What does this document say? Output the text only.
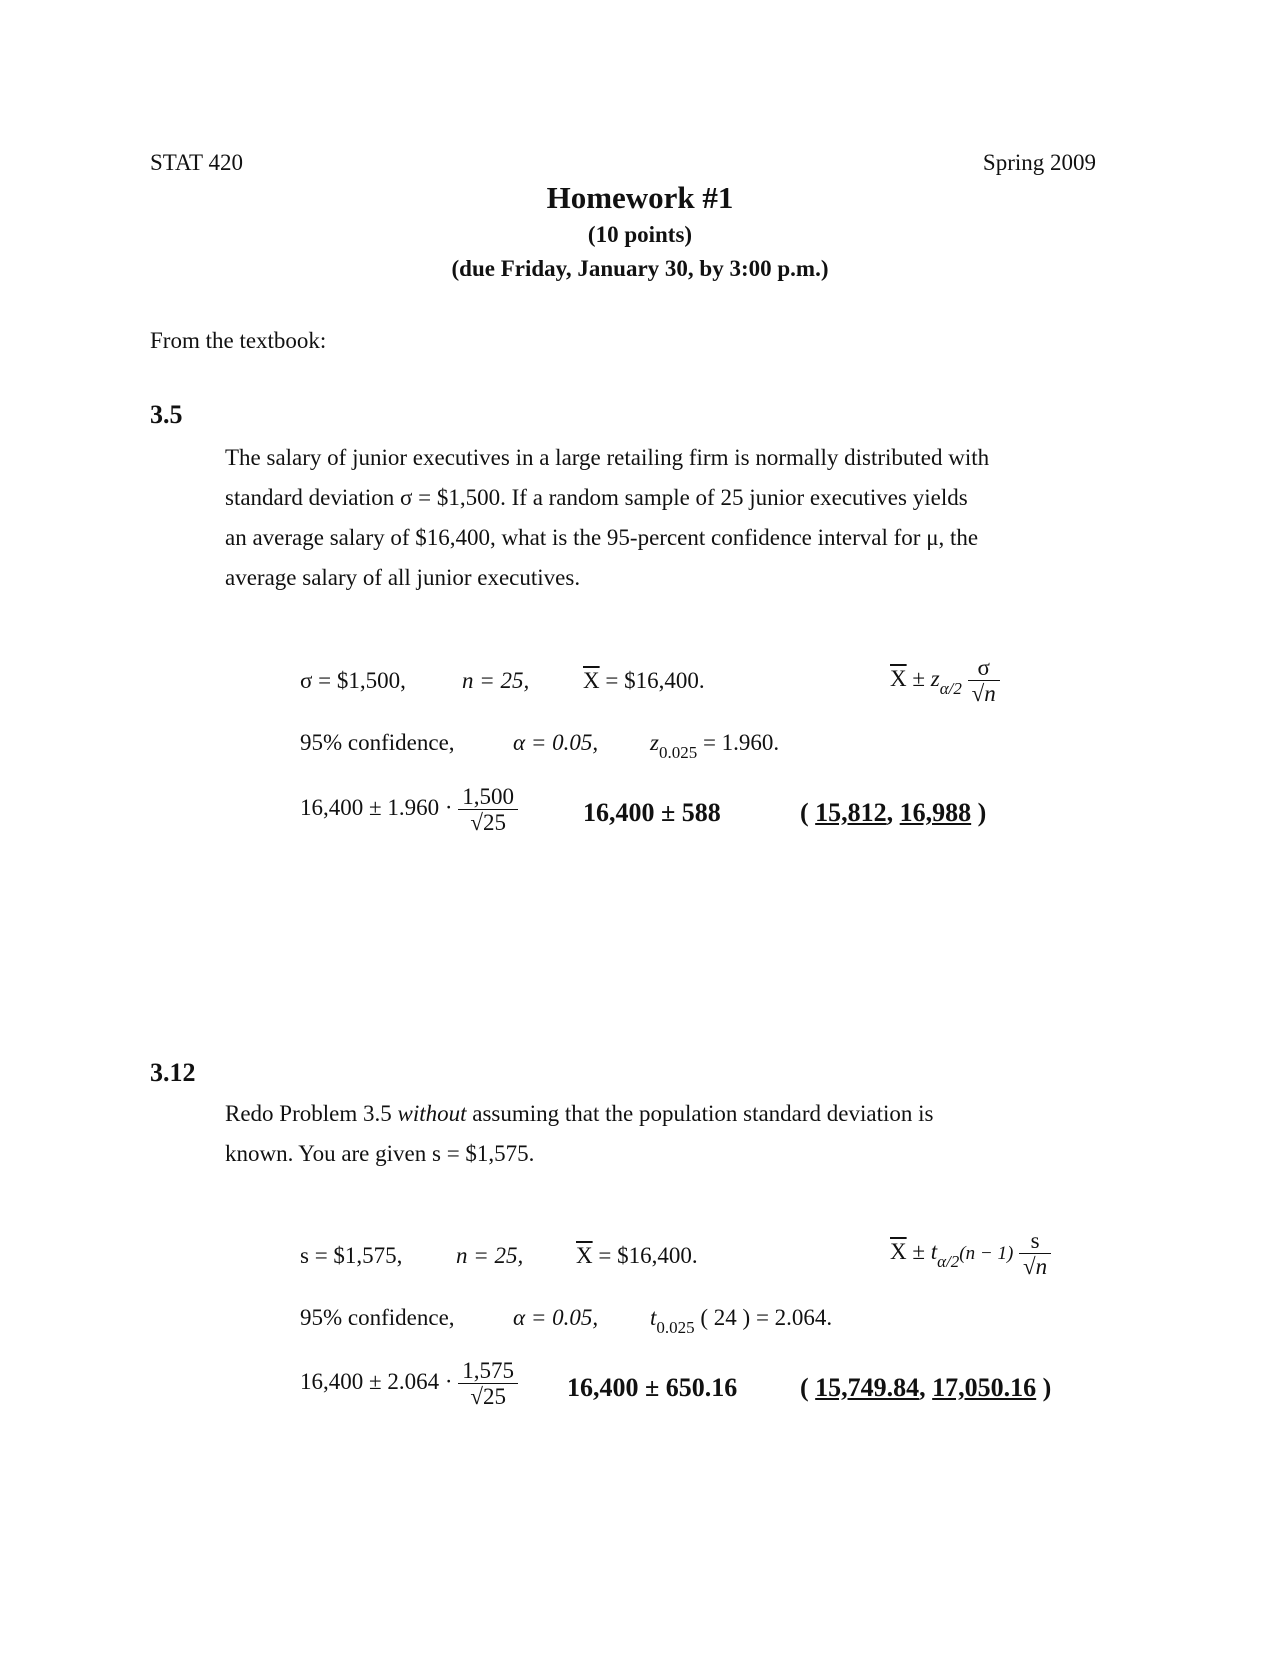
STAT 420	Spring 2009
Homework #1
(10 points)
(due Friday, January 30, by 3:00 p.m.)
From the textbook:
3.5
The salary of junior executives in a large retailing firm is normally distributed with
standard deviation σ = $1,500. If a random sample of 25 junior executives yields
an average salary of $16,400, what is the 95-percent confidence interval for μ, the
average salary of all junior executives.
σ = $1,500, n = 25, $\overline{X}$ = $16,400.	$\overline{X} \pm z_{\alpha/2} \frac{\sigma}{√n}$
95% confidence,	α = 0.05, $z_{0.025} = 1.960$.
$16,400 \pm 1.960 \cdot \frac{1,500}{√25} 16,400 \pm 588$	( 15,812, 16,988 )
3.12
Redo Problem 3.5 without assuming that the population standard deviation is
known. You are given s = $1,575.
s = $1,575, n = 25, $\overline{X}$ = $16,400.	$\overline{X} \pm t_{\alpha/2}(n - 1) \frac{s}{√n}$
95% confidence,	α = 0.05, $t_{0.025}$ ( 24 ) = 2.064.
$16,400 \pm 2.064 \cdot \frac{1,575}{√25} 16,400 \pm 650.16$ ( 15,749.84, 17,050.16 )
